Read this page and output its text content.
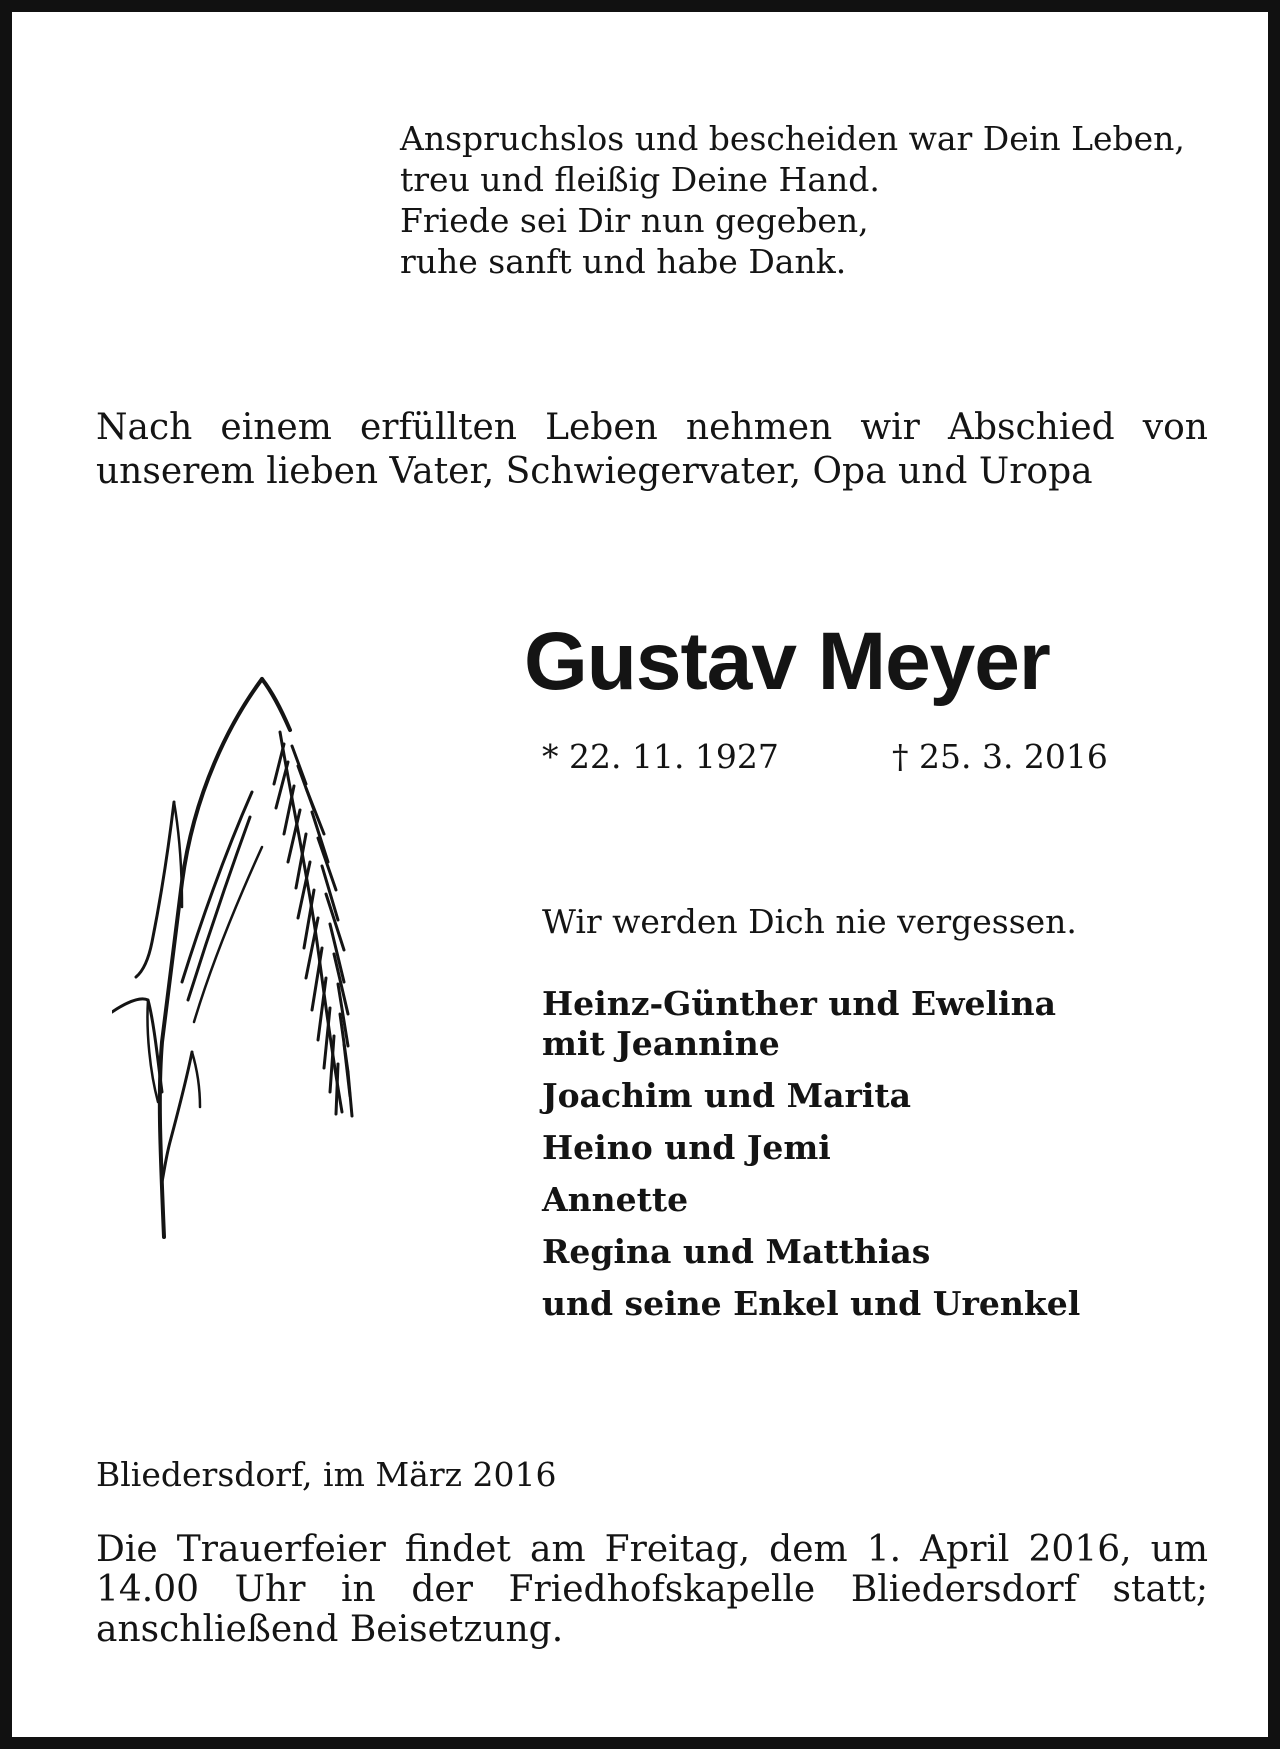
Anspruchslos und bescheiden war Dein Leben,
treu und fleißig Deine Hand.
Friede sei Dir nun gegeben,
ruhe sanft und habe Dank.
Nach einem erfüllten Leben nehmen wir Abschied von
unserem lieben Vater, Schwiegervater, Opa und Uropa
Gustav Meyer
* 22. 11. 1927	† 25. 3. 2016
Wir werden Dich nie vergessen.
Heinz-Günther und Ewelina
mit Jeannine
Joachim und Marita
Heino und Jemi
Annette
Regina und Matthias
und seine Enkel und Urenkel
Bliedersdorf, im März 2016
Die Trauerfeier findet am Freitag, dem 1. April 2016, um
14.00 Uhr in der Friedhofskapelle Bliedersdorf statt;
anschließend Beisetzung.
